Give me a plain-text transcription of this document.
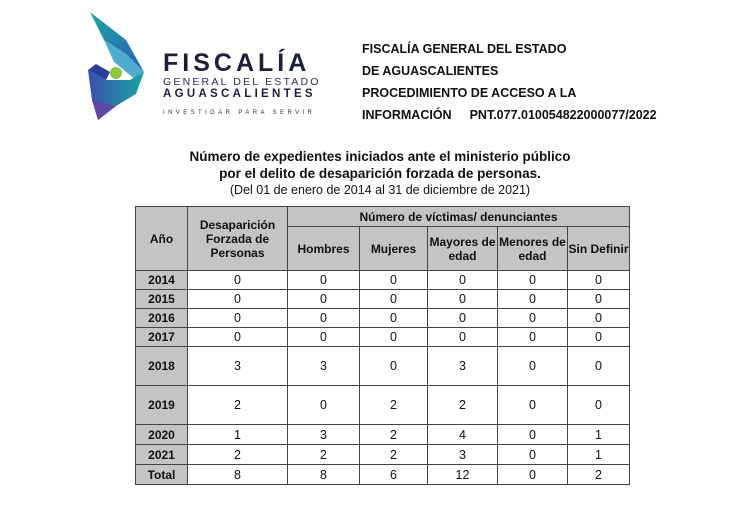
FISCALÍA
GENERAL DEL ESTADO
AGUASCALIENTES
INVESTIGAR PARA SERVIR
FISCALÍA GENERAL DEL ESTADO
DE AGUASCALIENTES
PROCEDIMIENTO DE ACCESO A LA
INFORMACIÓN PNT.077.010054822000077/2022
Número de expedientes iniciados ante el ministerio público
por el delito de desaparición forzada de personas.
(Del 01 de enero de 2014 al 31 de diciembre de 2021)
Año	Desaparición Forzada de Personas	Número de víctimas/ denunciantes				
		Hombres	Mujeres	Mayores de edad	Menores de edad	Sin Definir
2014	0	0	0	0	0	0
2015	0	0	0	0	0	0
2016	0	0	0	0	0	0
2017	0	0	0	0	0	0
2018	3	3	0	3	0	0
2019	2	0	2	2	0	0
2020	1	3	2	4	0	1
2021	2	2	2	3	0	1
Total	8	8	6	12	0	2
